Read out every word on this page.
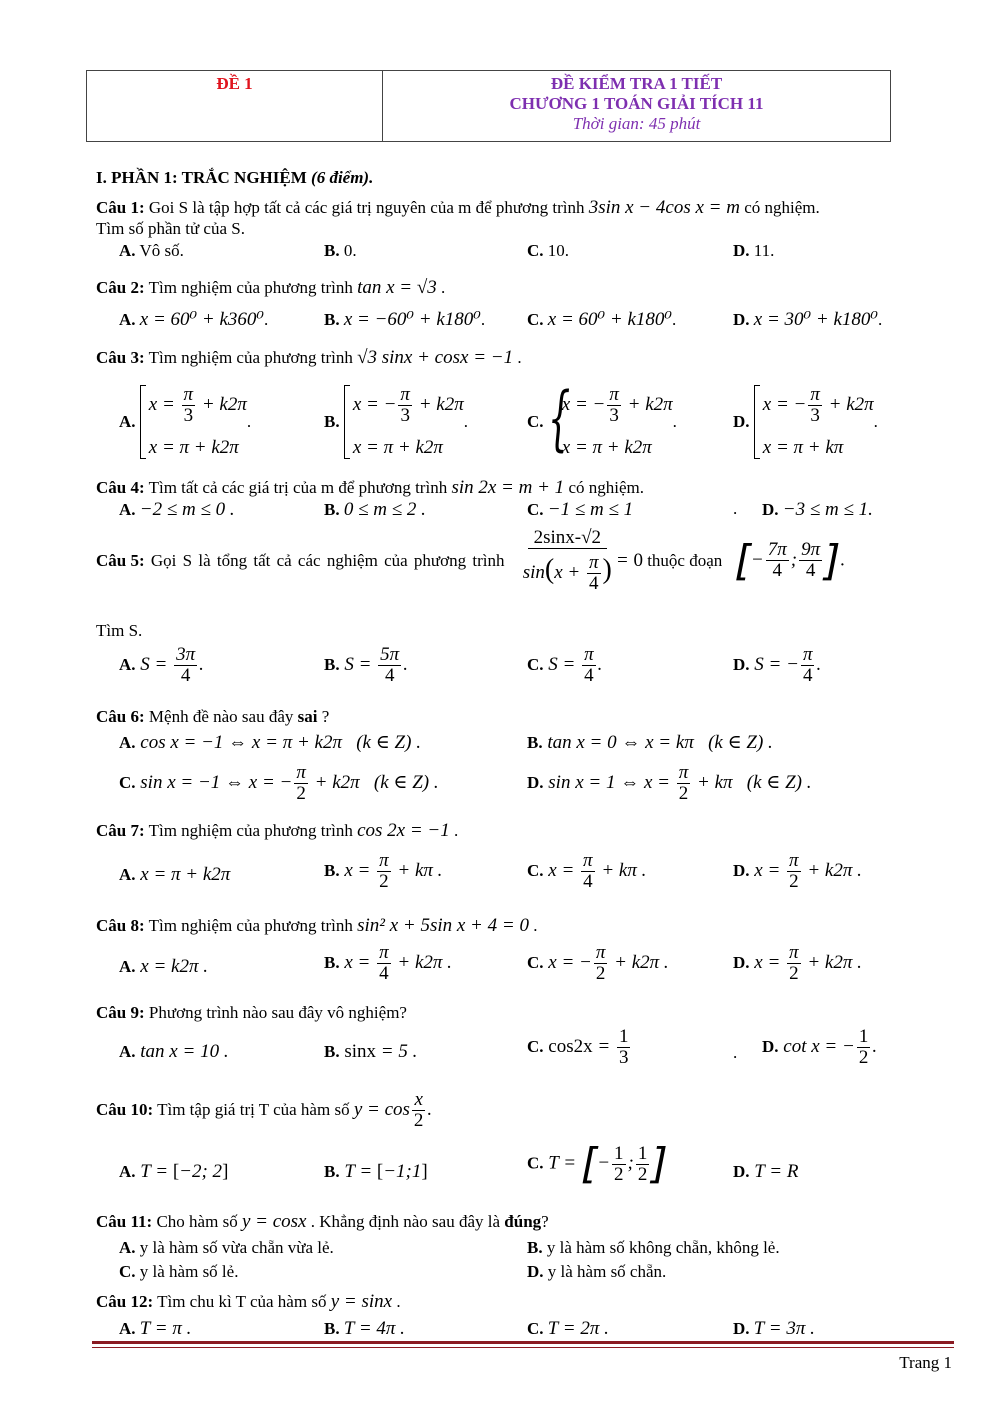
ĐỀ 1	ĐỀ KIỂM TRA 1 TIẾT
CHƯƠNG 1 TOÁN GIẢI TÍCH 11
Thời gian: 45 phút
I. PHẦN 1: TRẮC NGHIỆM (6 điểm).
Câu 1: Goi S là tập hợp tất cả các giá trị nguyên của m để phương trình 3sin x − 4cos x = m có nghiệm.
Tìm số phần tử của S.
A. Vô số.	B. 0.	C. 10.	D. 11.
Câu 2: Tìm nghiệm của phương trình tan x = √3 .
A. x = 60⁰ + k360⁰.	B. x = −60⁰ + k180⁰. C. x = 60⁰ + k180⁰.	D. x = 30⁰ + k180⁰.
Câu 3: Tìm nghiệm của phương trình √3 sinx + cosx = −1 .
A.
$x = \frac{\pi}{3} + k2\pi$
x = π + k2π
.	B.
x = − $\frac{\pi}{3} + k2\pi$
x = π + k2π
.	C. {
x = − $\frac{\pi}{3} + k2\pi$
x = π + k2π
.	D.
x = − $\frac{\pi}{3} + k2\pi$
x = π + kπ
.
Câu 4: Tìm tất cả các giá trị của m để phương trình sin 2x = m + 1 có nghiệm.
A. −2 ≤ m ≤ 0 .	B. 0 ≤ m ≤ 2 .	C. −1 ≤ m ≤ 1	. D. −3 ≤ m ≤ 1.
Câu 5: Gọi S là tổng tất cả các nghiệm của phương trình $\frac{2\sin x-√2}{\sin(x + \frac{\pi}{4} )} = 0$ thuộc đoạn [− $\frac{7\pi}{4}$ ; $\frac{9\pi}{4}$ ].
Tìm S.
A. $S = \frac{3\pi}{4}$ .	B. $S = \frac{5\pi}{4}$ .	C. $S = \frac{\pi}{4}$ .	D. S = − $\frac{\pi}{4}$ .
Câu 6: Mệnh đề nào sau đây sai ?
A. cos x = −1 ⇔ x = π + k2π   (k ∈ Z) .	B. tan x = 0 ⇔ x = kπ   (k ∈ Z) .
C. sin x = −1 ⇔ x = − $\frac{\pi}{2} + k2\pi$   (k ∈ Z) .	D. sin x = 1 ⇔ $x = \frac{\pi}{2} + k\pi$   (k ∈ Z) .
Câu 7: Tìm nghiệm của phương trình cos 2x = −1 .
A. x = π + k2π	B. $x = \frac{\pi}{2} + k\pi$ .	C. $x = \frac{\pi}{4} + k\pi$ .	D. $x = \frac{\pi}{2} + k2\pi$ .
Câu 8: Tìm nghiệm của phương trình sin² x + 5sin x + 4 = 0 .
A. x = k2π .	B. $x = \frac{\pi}{4} + k2\pi$ .	C. x = − $\frac{\pi}{2} + k2\pi$ .	D. $x = \frac{\pi}{2} + k2\pi$ .
Câu 9: Phương trình nào sau đây vô nghiệm?
A. tan x = 10 .	B. sinx = 5 .	C. $\cos 2x = \frac{1}{3}$	. D. cot x = − $\frac{1}{2}$ .
Câu 10: Tìm tập giá trị T của hàm số $y = \cos \frac{x}{2}$ .
A. T = [−2; 2]	B. T = [−1;1]	C. T = [− $\frac{1}{2}$ ; $\frac{1}{2}$ ]	D. T = R
Câu 11: Cho hàm số y = cosx . Khẳng định nào sau đây là đúng?
A. y là hàm số vừa chẵn vừa lẻ.	B. y là hàm số không chẵn, không lẻ.
C. y là hàm số lẻ.	D. y là hàm số chẵn.
Câu 12: Tìm chu kì T của hàm số y = sinx .
A. T = π .	B. T = 4π .	C. T = 2π .	D. T = 3π .
Trang 1
